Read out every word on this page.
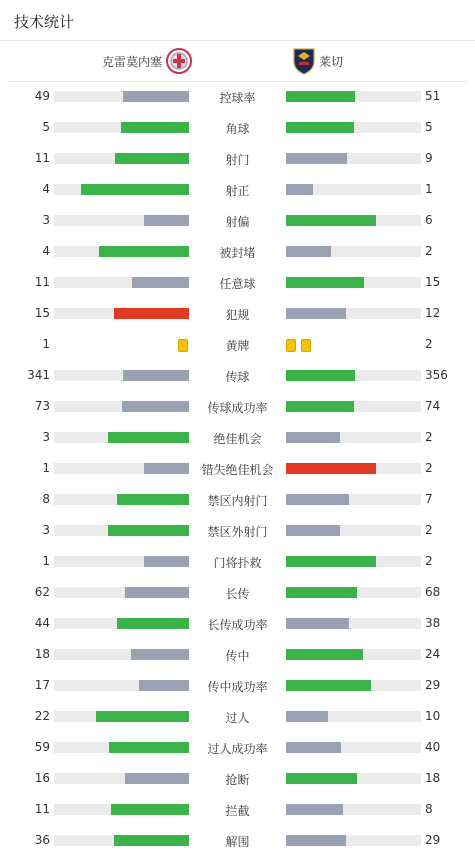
技术统计
克雷莫内塞	莱切
49	控球率	51
5	角球	5
11	射门	9
4	射正	1
3	射偏	6
4	被封堵	2
11	任意球	15
15	犯规	12
1	黄牌	2
341	传球	356
73	传球成功率	74
3	绝佳机会	2
1	错失绝佳机会	2
8	禁区内射门	7
3	禁区外射门	2
1	门将扑救	2
62	长传	68
44	长传成功率	38
18	传中	24
17	传中成功率	29
22	过人	10
59	过人成功率	40
16	抢断	18
11	拦截	8
36	解围	29
